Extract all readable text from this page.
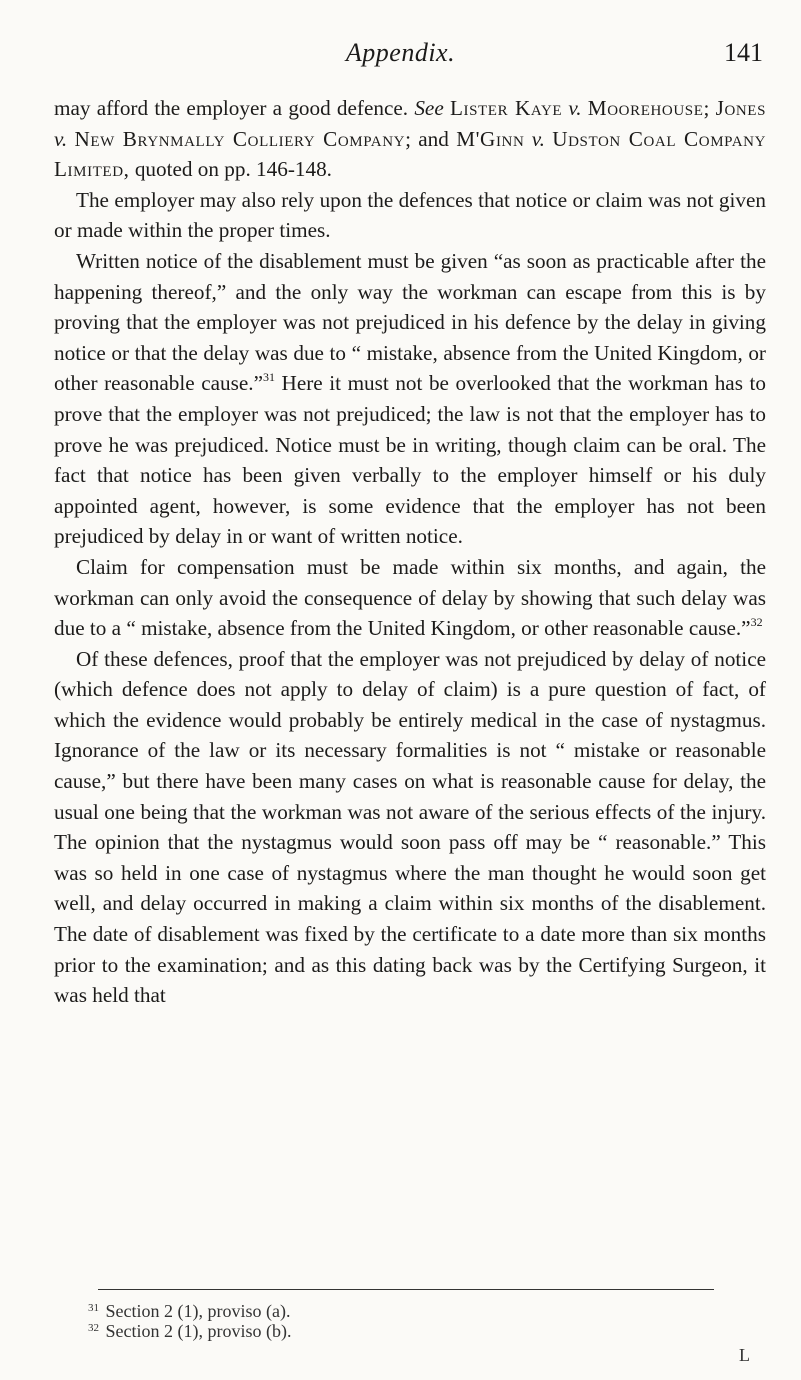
Appendix.	141

may afford the employer a good defence. See Lister Kaye v. Moorehouse; Jones v. New Brynmally Colliery Company; and M'Ginn v. Udston Coal Company Limited, quoted on pp. 146-148.

The employer may also rely upon the defences that notice or claim was not given or made within the proper times.

Written notice of the disablement must be given “as soon as practicable after the happening thereof,” and the only way the workman can escape from this is by proving that the employer was not prejudiced in his defence by the delay in giving notice or that the delay was due to “ mistake, absence from the United Kingdom, or other reasonable cause.”$^{31}$ Here it must not be overlooked that the workman has to prove that the employer was not prejudiced; the law is not that the employer has to prove he was prejudiced. Notice must be in writing, though claim can be oral. The fact that notice has been given verbally to the employer himself or his duly appointed agent, however, is some evidence that the employer has not been prejudiced by delay in or want of written notice.

Claim for compensation must be made within six months, and again, the workman can only avoid the consequence of delay by showing that such delay was due to a “ mistake, absence from the United Kingdom, or other reasonable cause.”$^{32}$

Of these defences, proof that the employer was not prejudiced by delay of notice (which defence does not apply to delay of claim) is a pure question of fact, of which the evidence would probably be entirely medical in the case of nystagmus. Ignorance of the law or its necessary formalities is not “ mistake or reasonable cause,” but there have been many cases on what is reasonable cause for delay, the usual one being that the workman was not aware of the serious effects of the injury. The opinion that the nystagmus would soon pass off may be “ reasonable.” This was so held in one case of nystagmus where the man thought he would soon get well, and delay occurred in making a claim within six months of the disablement. The date of disablement was fixed by the certificate to a date more than six months prior to the examination; and as this dating back was by the Certifying Surgeon, it was held that

$^{31}$ Section 2 (1), proviso (a).
$^{32}$ Section 2 (1), proviso (b).
L
